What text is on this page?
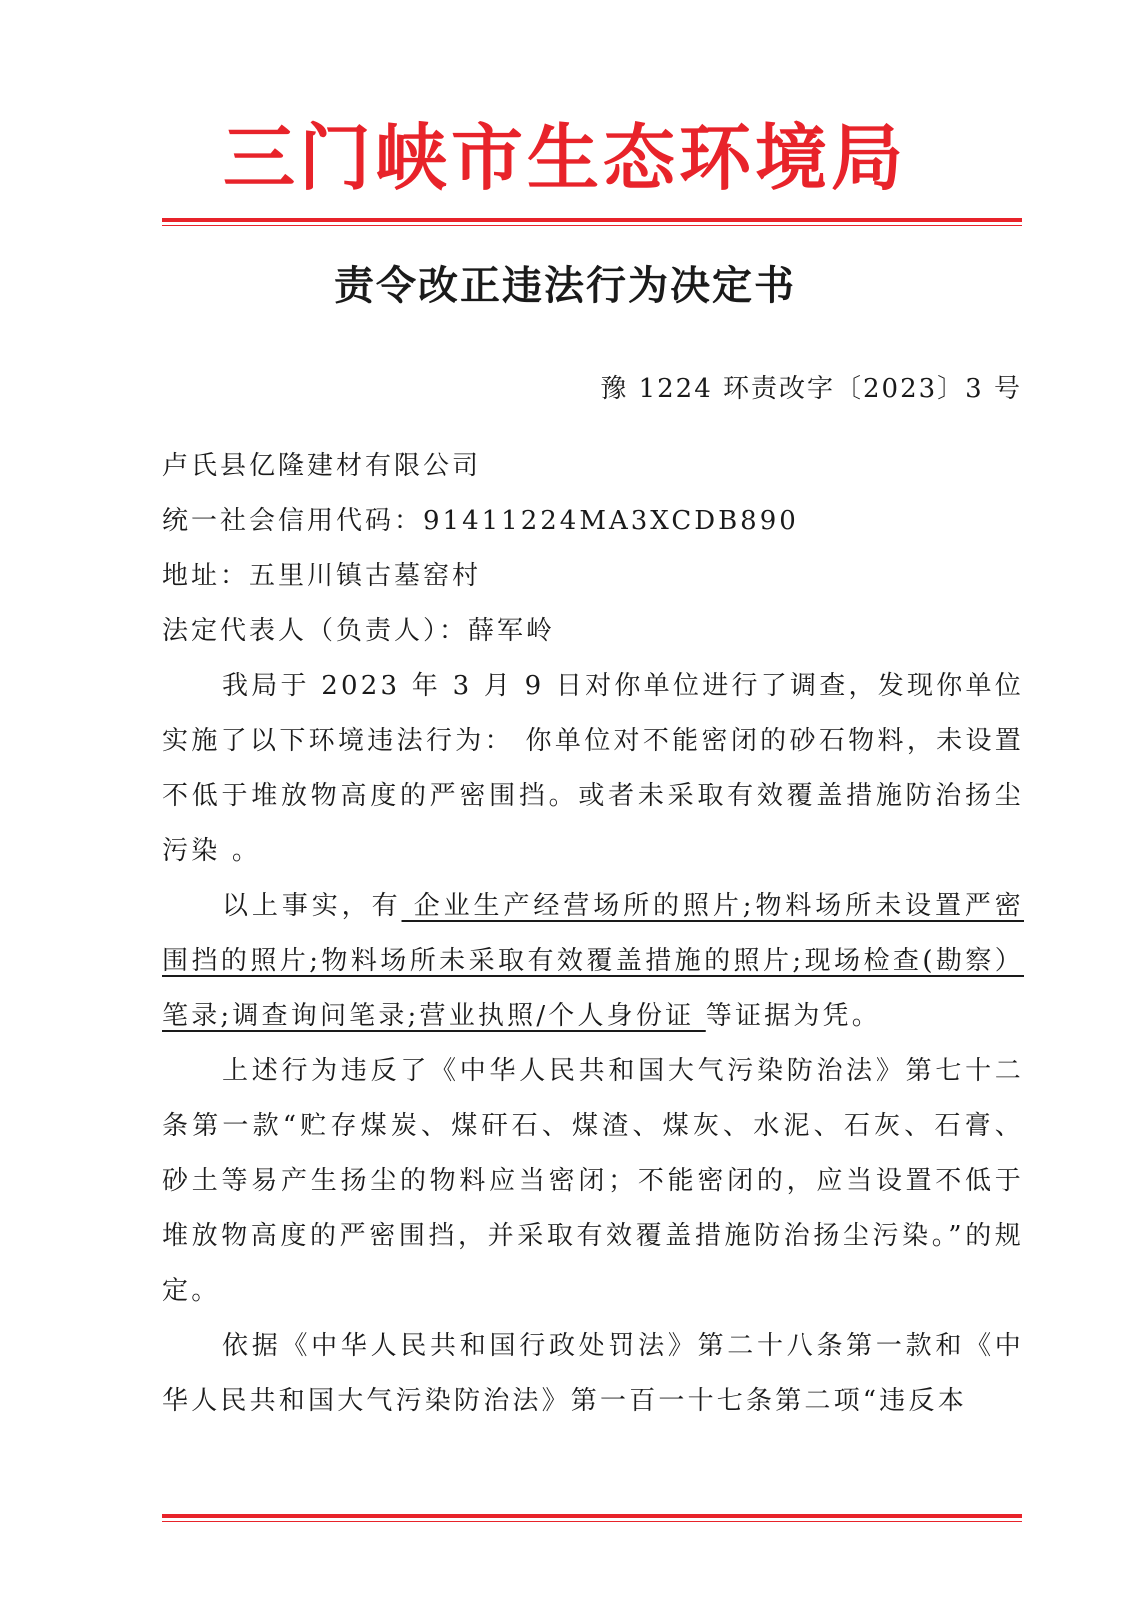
三门峡市生态环境局
责令改正违法行为决定书
豫 1224 环责改字〔2023〕3 号
卢氏县亿隆建材有限公司
统一社会信用代码：91411224MA3XCDB890
地址：五里川镇古墓窑村
法定代表人（负责人）：薛军岭
我局于 2023 年 3 月 9 日对你单位进行了调查，发现你单位实施了以下环境违法行为： 你单位对不能密闭的砂石物料，未设置不低于堆放物高度的严密围挡。或者未采取有效覆盖措施防治扬尘污染 。
以上事实，有 企业生产经营场所的照片;物料场所未设置严密围挡的照片;物料场所未采取有效覆盖措施的照片;现场检查(勘察）笔录;调查询问笔录;营业执照/个人身份证 等证据为凭。
上述行为违反了《中华人民共和国大气污染防治法》第七十二条第一款“贮存煤炭、煤矸石、煤渣、煤灰、水泥、石灰、石膏、砂土等易产生扬尘的物料应当密闭；不能密闭的，应当设置不低于堆放物高度的严密围挡，并采取有效覆盖措施防治扬尘污染。”的规定。
依据《中华人民共和国行政处罚法》第二十八条第一款和《中华人民共和国大气污染防治法》第一百一十七条第二项“违反本
